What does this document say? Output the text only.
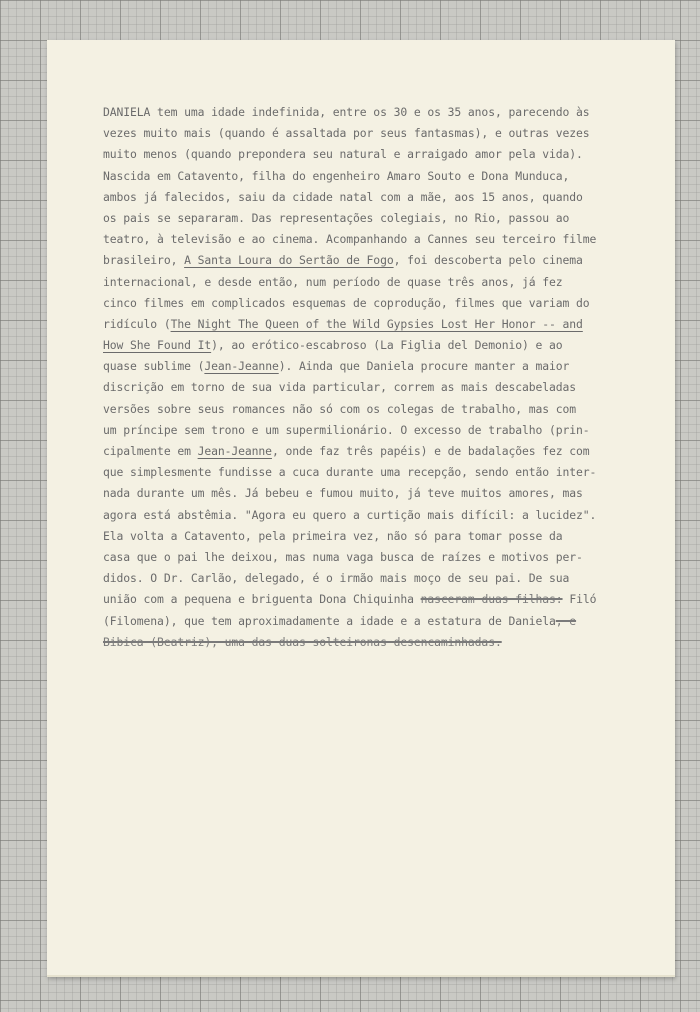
DANIELA tem uma idade indefinida, entre os 30 e os 35 anos, parecendo às
vezes muito mais (quando é assaltada por seus fantasmas), e outras vezes
muito menos (quando prepondera seu natural e arraigado amor pela vida).
Nascida em Catavento, filha do engenheiro Amaro Souto e Dona Munduca,
ambos já falecidos, saiu da cidade natal com a mãe, aos 15 anos, quando
os pais se separaram. Das representações colegiais, no Rio, passou ao
teatro, à televisão e ao cinema. Acompanhando a Cannes seu terceiro filme
brasileiro, A Santa Loura do Sertão de Fogo, foi descoberta pelo cinema
internacional, e desde então, num período de quase três anos, já fez
cinco filmes em complicados esquemas de coprodução, filmes que variam do
ridículo (The Night The Queen of the Wild Gypsies Lost Her Honor -- and
How She Found It), ao erótico-escabroso (La Figlia del Demonio) e ao
quase sublime (Jean-Jeanne). Ainda que Daniela procure manter a maior
discrição em torno de sua vida particular, correm as mais descabeladas
versões sobre seus romances não só com os colegas de trabalho, mas com
um príncipe sem trono e um supermilionário. O excesso de trabalho (prin-
cipalmente em Jean-Jeanne, onde faz três papéis) e de badalações fez com
que simplesmente fundisse a cuca durante uma recepção, sendo então inter-
nada durante um mês. Já bebeu e fumou muito, já teve muitos amores, mas
agora está abstêmia. "Agora eu quero a curtição mais difícil: a lucidez".
Ela volta a Catavento, pela primeira vez, não só para tomar posse da
casa que o pai lhe deixou, mas numa vaga busca de raízes e motivos per-
didos. O Dr. Carlão, delegado, é o irmão mais moço de seu pai. De sua
união com a pequena e briguenta Dona Chiquinha nasceram duas filhas: Filó
(Filomena), que tem aproximadamente a idade e a estatura de Daniela, e
Bibica (Beatriz), uma das duas solteironas desencaminhadas.
